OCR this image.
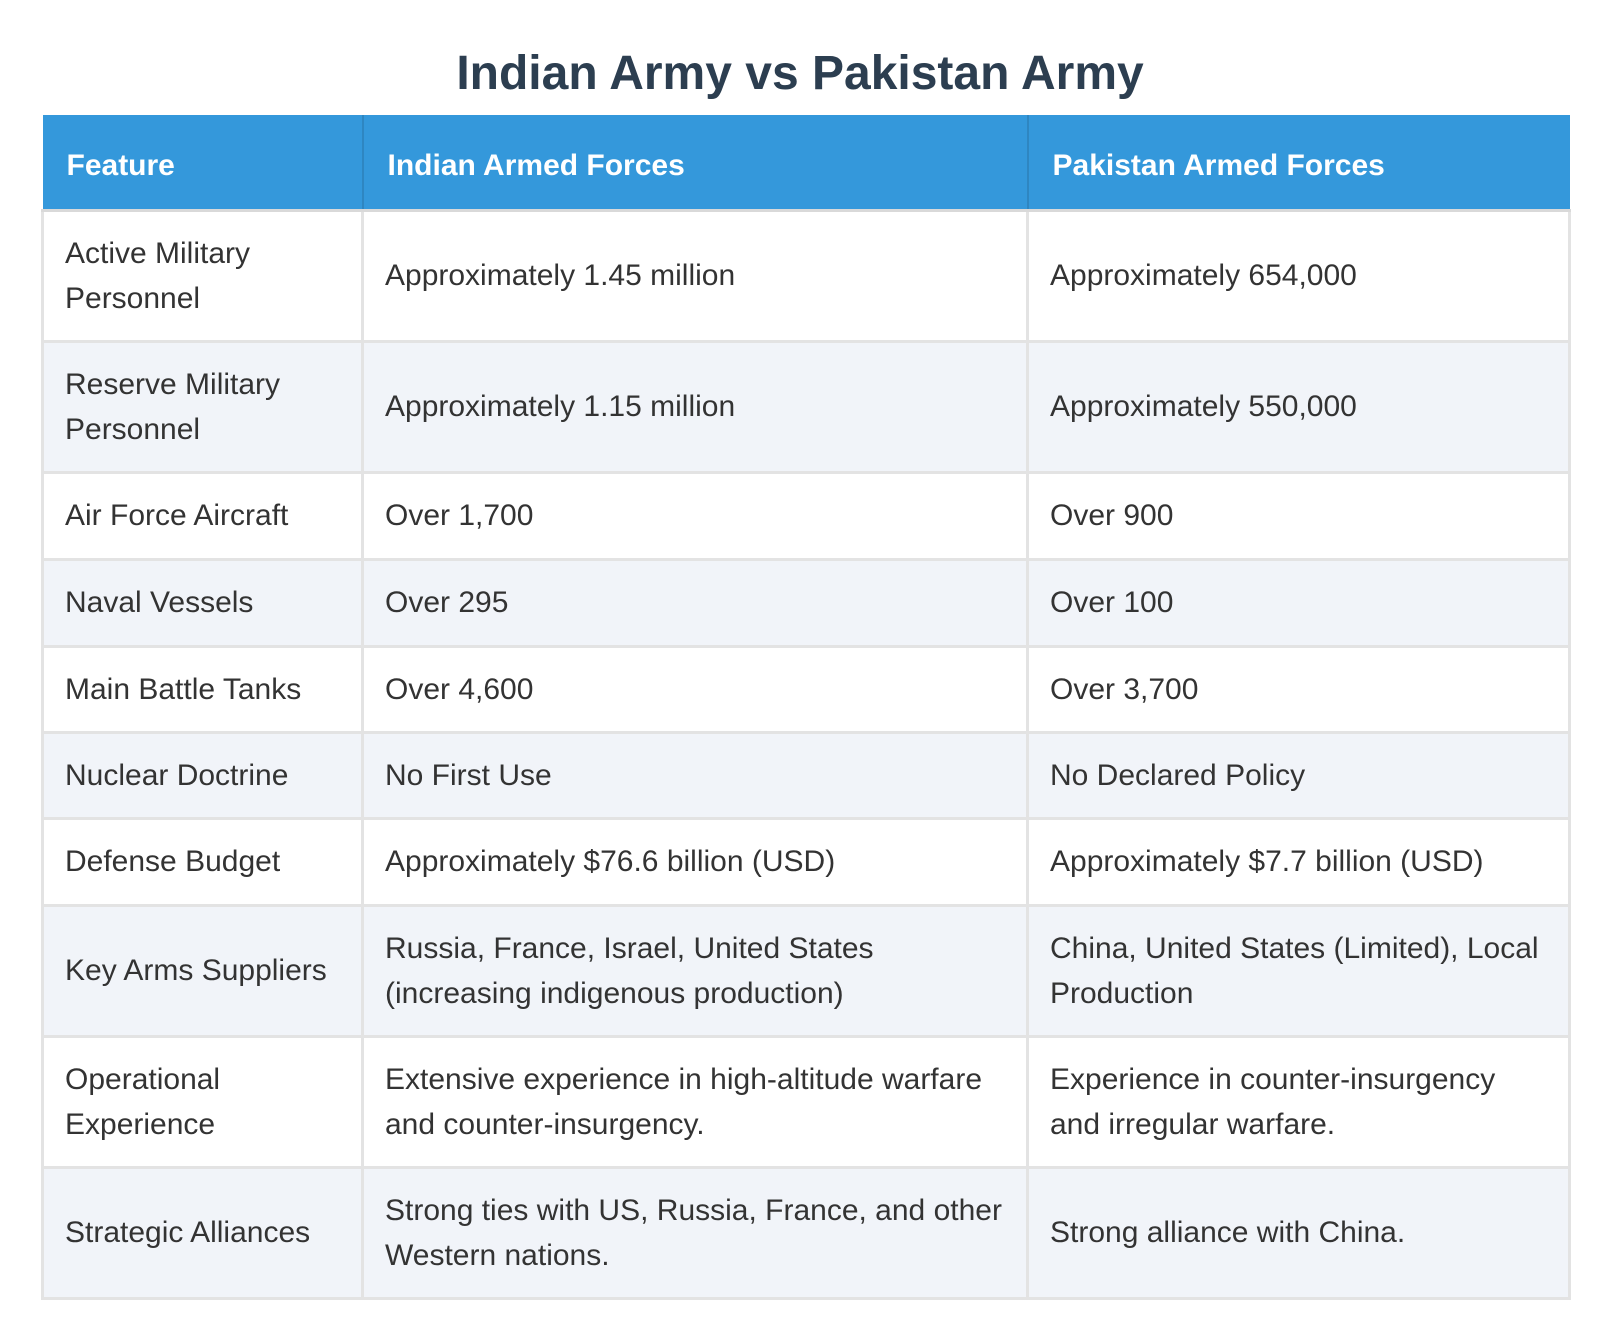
Indian Army vs Pakistan Army
Feature	Indian Armed Forces	Pakistan Armed Forces
Active Military Personnel	Approximately 1.45 million	Approximately 654,000
Reserve Military Personnel	Approximately 1.15 million	Approximately 550,000
Air Force Aircraft	Over 1,700	Over 900
Naval Vessels	Over 295	Over 100
Main Battle Tanks	Over 4,600	Over 3,700
Nuclear Doctrine	No First Use	No Declared Policy
Defense Budget	Approximately $76.6 billion (USD)	Approximately $7.7 billion (USD)
Key Arms Suppliers	Russia, France, Israel, United States (increasing indigenous production)	China, United States (Limited), Local Production
Operational Experience	Extensive experience in high-altitude warfare and counter-insurgency.	Experience in counter-insurgency and irregular warfare.
Strategic Alliances	Strong ties with US, Russia, France, and other Western nations.	Strong alliance with China.
